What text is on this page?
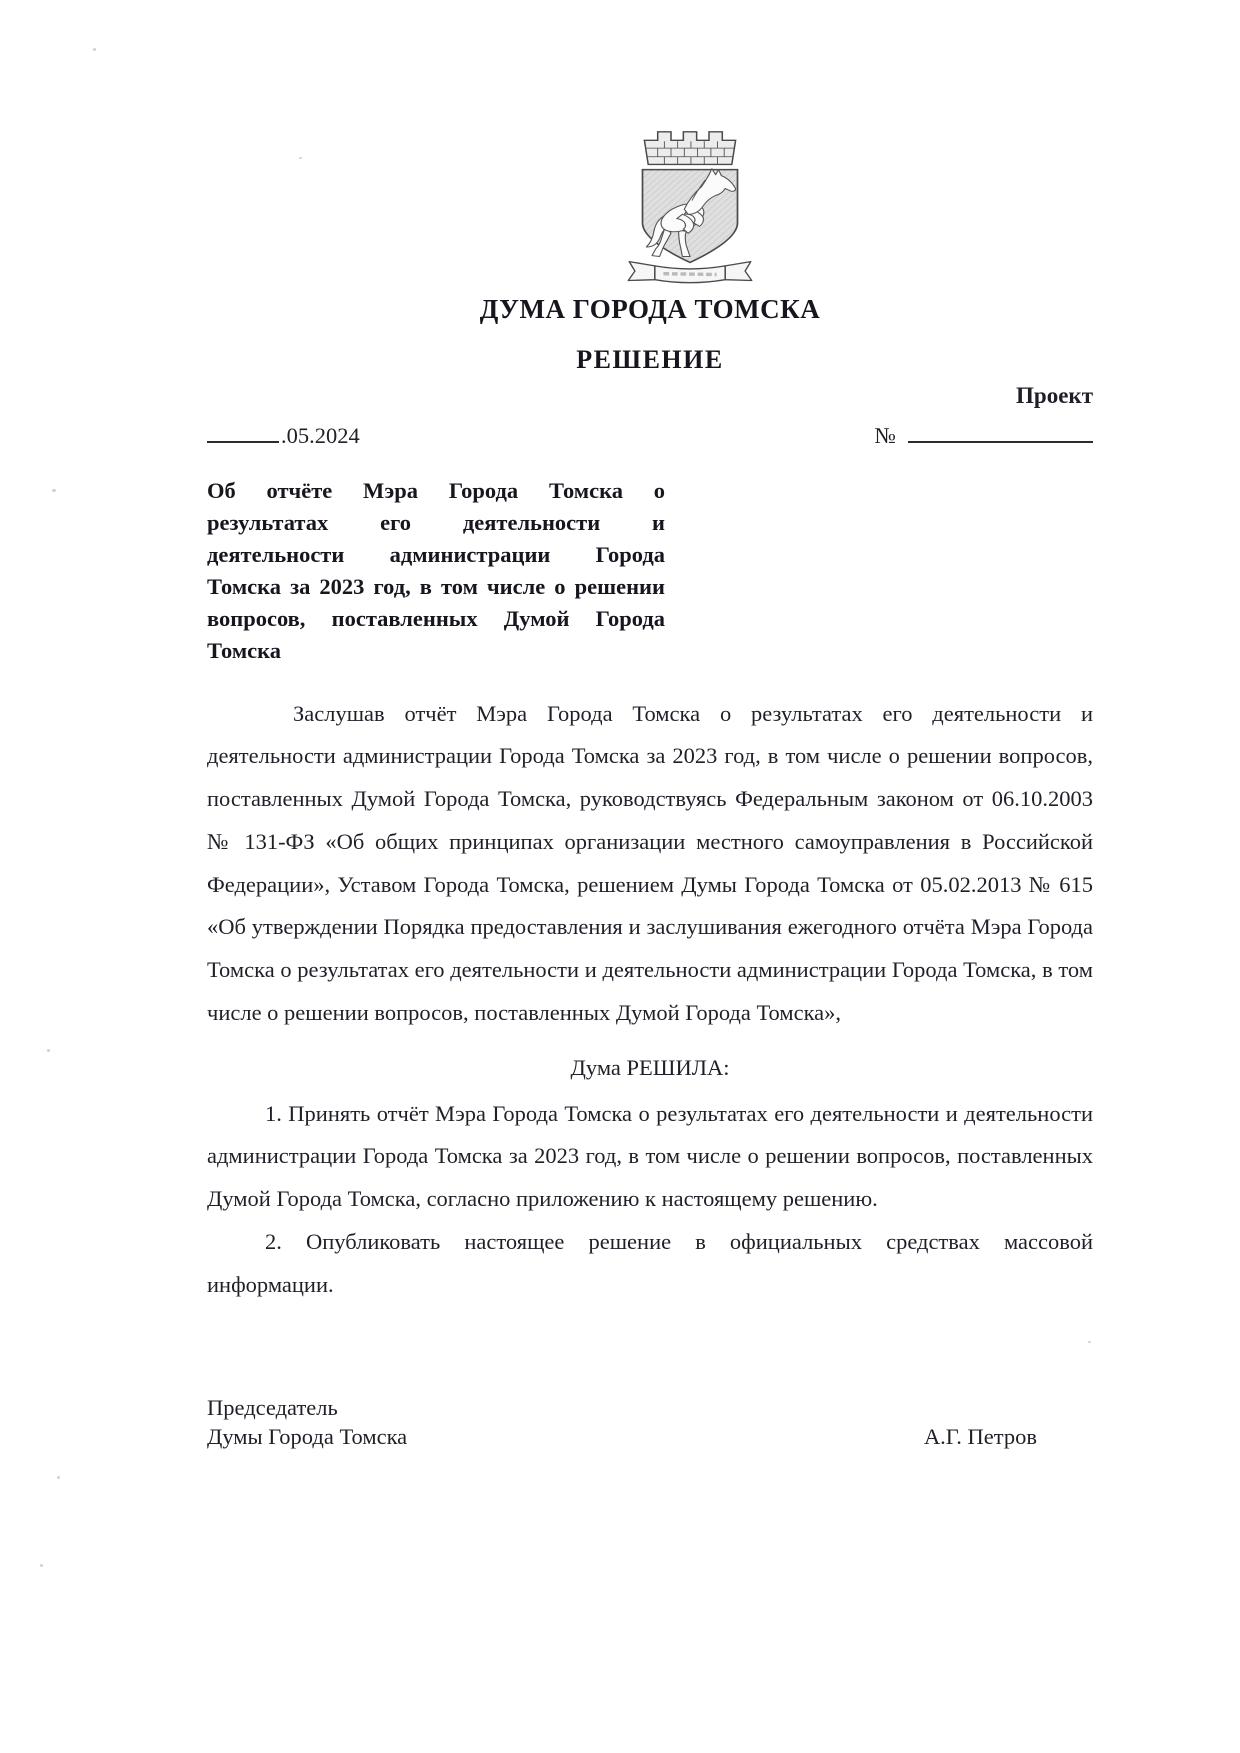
ДУМА ГОРОДА ТОМСКА
РЕШЕНИЕ
Проект
.05.2024	№

Об отчёте Мэра Города Томска о результатах его деятельности и деятельности администрации Города Томска за 2023 год, в том числе о решении вопросов, поставленных Думой Города Томска

Заслушав отчёт Мэра Города Томска о результатах его деятельности и деятельности администрации Города Томска за 2023 год, в том числе о решении вопросов, поставленных Думой Города Томска, руководствуясь Федеральным законом от 06.10.2003 № 131-ФЗ «Об общих принципах организации местного самоуправления в Российской Федерации», Уставом Города Томска, решением Думы Города Томска от 05.02.2013 № 615 «Об утверждении Порядка предоставления и заслушивания ежегодного отчёта Мэра Города Томска о результатах его деятельности и деятельности администрации Города Томска, в том числе о решении вопросов, поставленных Думой Города Томска»,

Дума РЕШИЛА:

1. Принять отчёт Мэра Города Томска о результатах его деятельности и деятельности администрации Города Томска за 2023 год, в том числе о решении вопросов, поставленных Думой Города Томска, согласно приложению к настоящему решению.

2. Опубликовать настоящее решение в официальных средствах массовой информации.

Председатель
Думы Города Томска	А.Г. Петров
